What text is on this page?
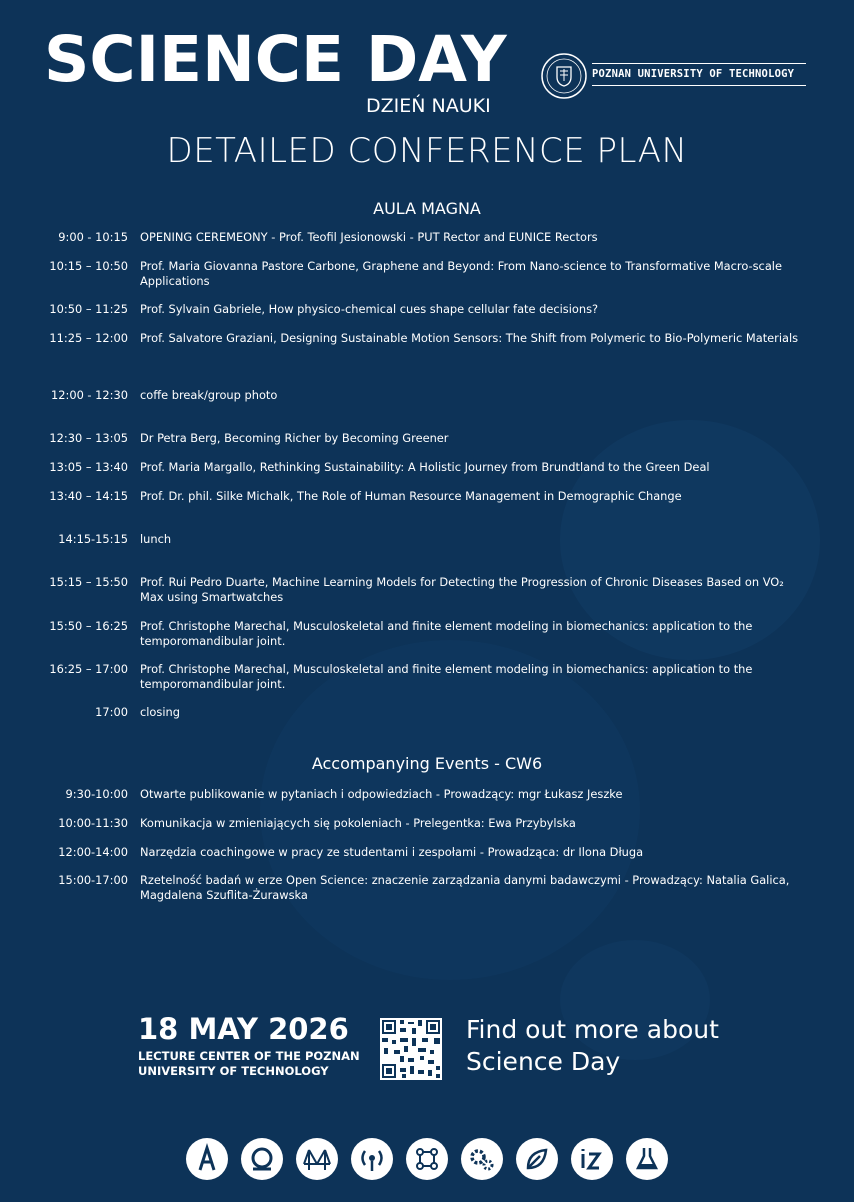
SCIENCE DAY
DZIEŃ NAUKI
POZNAN UNIVERSITY OF TECHNOLOGY
DETAILED CONFERENCE PLAN
AULA MAGNA
9:00 - 10:15 OPENING CEREMEONY - Prof. Teofil Jesionowski - PUT Rector and EUNICE Rectors
10:15 – 10:50 Prof. Maria Giovanna Pastore Carbone, Graphene and Beyond: From Nano-science to Transformative Macro-scale Applications
10:50 – 11:25 Prof. Sylvain Gabriele, How physico-chemical cues shape cellular fate decisions?
11:25 – 12:00 Prof. Salvatore Graziani, Designing Sustainable Motion Sensors: The Shift from Polymeric to Bio-Polymeric Materials
12:00 - 12:30 coffe break/group photo
12:30 – 13:05 Dr Petra Berg, Becoming Richer by Becoming Greener
13:05 – 13:40 Prof. Maria Margallo, Rethinking Sustainability: A Holistic Journey from Brundtland to the Green Deal
13:40 – 14:15 Prof. Dr. phil. Silke Michalk, The Role of Human Resource Management in Demographic Change
14:15-15:15 lunch
15:15 – 15:50 Prof. Rui Pedro Duarte, Machine Learning Models for Detecting the Progression of Chronic Diseases Based on VO₂ Max using Smartwatches
15:50 – 16:25 Prof. Christophe Marechal, Musculoskeletal and finite element modeling in biomechanics: application to the temporomandibular joint.
16:25 – 17:00 Prof. Christophe Marechal, Musculoskeletal and finite element modeling in biomechanics: application to the temporomandibular joint.
17:00 closing
Accompanying Events - CW6
9:30-10:00 Otwarte publikowanie w pytaniach i odpowiedziach - Prowadzący: mgr Łukasz Jeszke
10:00-11:30 Komunikacja w zmieniających się pokoleniach - Prelegentka: Ewa Przybylska
12:00-14:00 Narzędzia coachingowe w pracy ze studentami i zespołami - Prowadząca: dr Ilona Długa
15:00-17:00 Rzetelność badań w erze Open Science: znaczenie zarządzania danymi badawczymi - Prowadzący: Natalia Galica, Magdalena Szuflita-Żurawska
18 MAY 2026
LECTURE CENTER OF THE POZNAN UNIVERSITY OF TECHNOLOGY
Find out more about Science Day
